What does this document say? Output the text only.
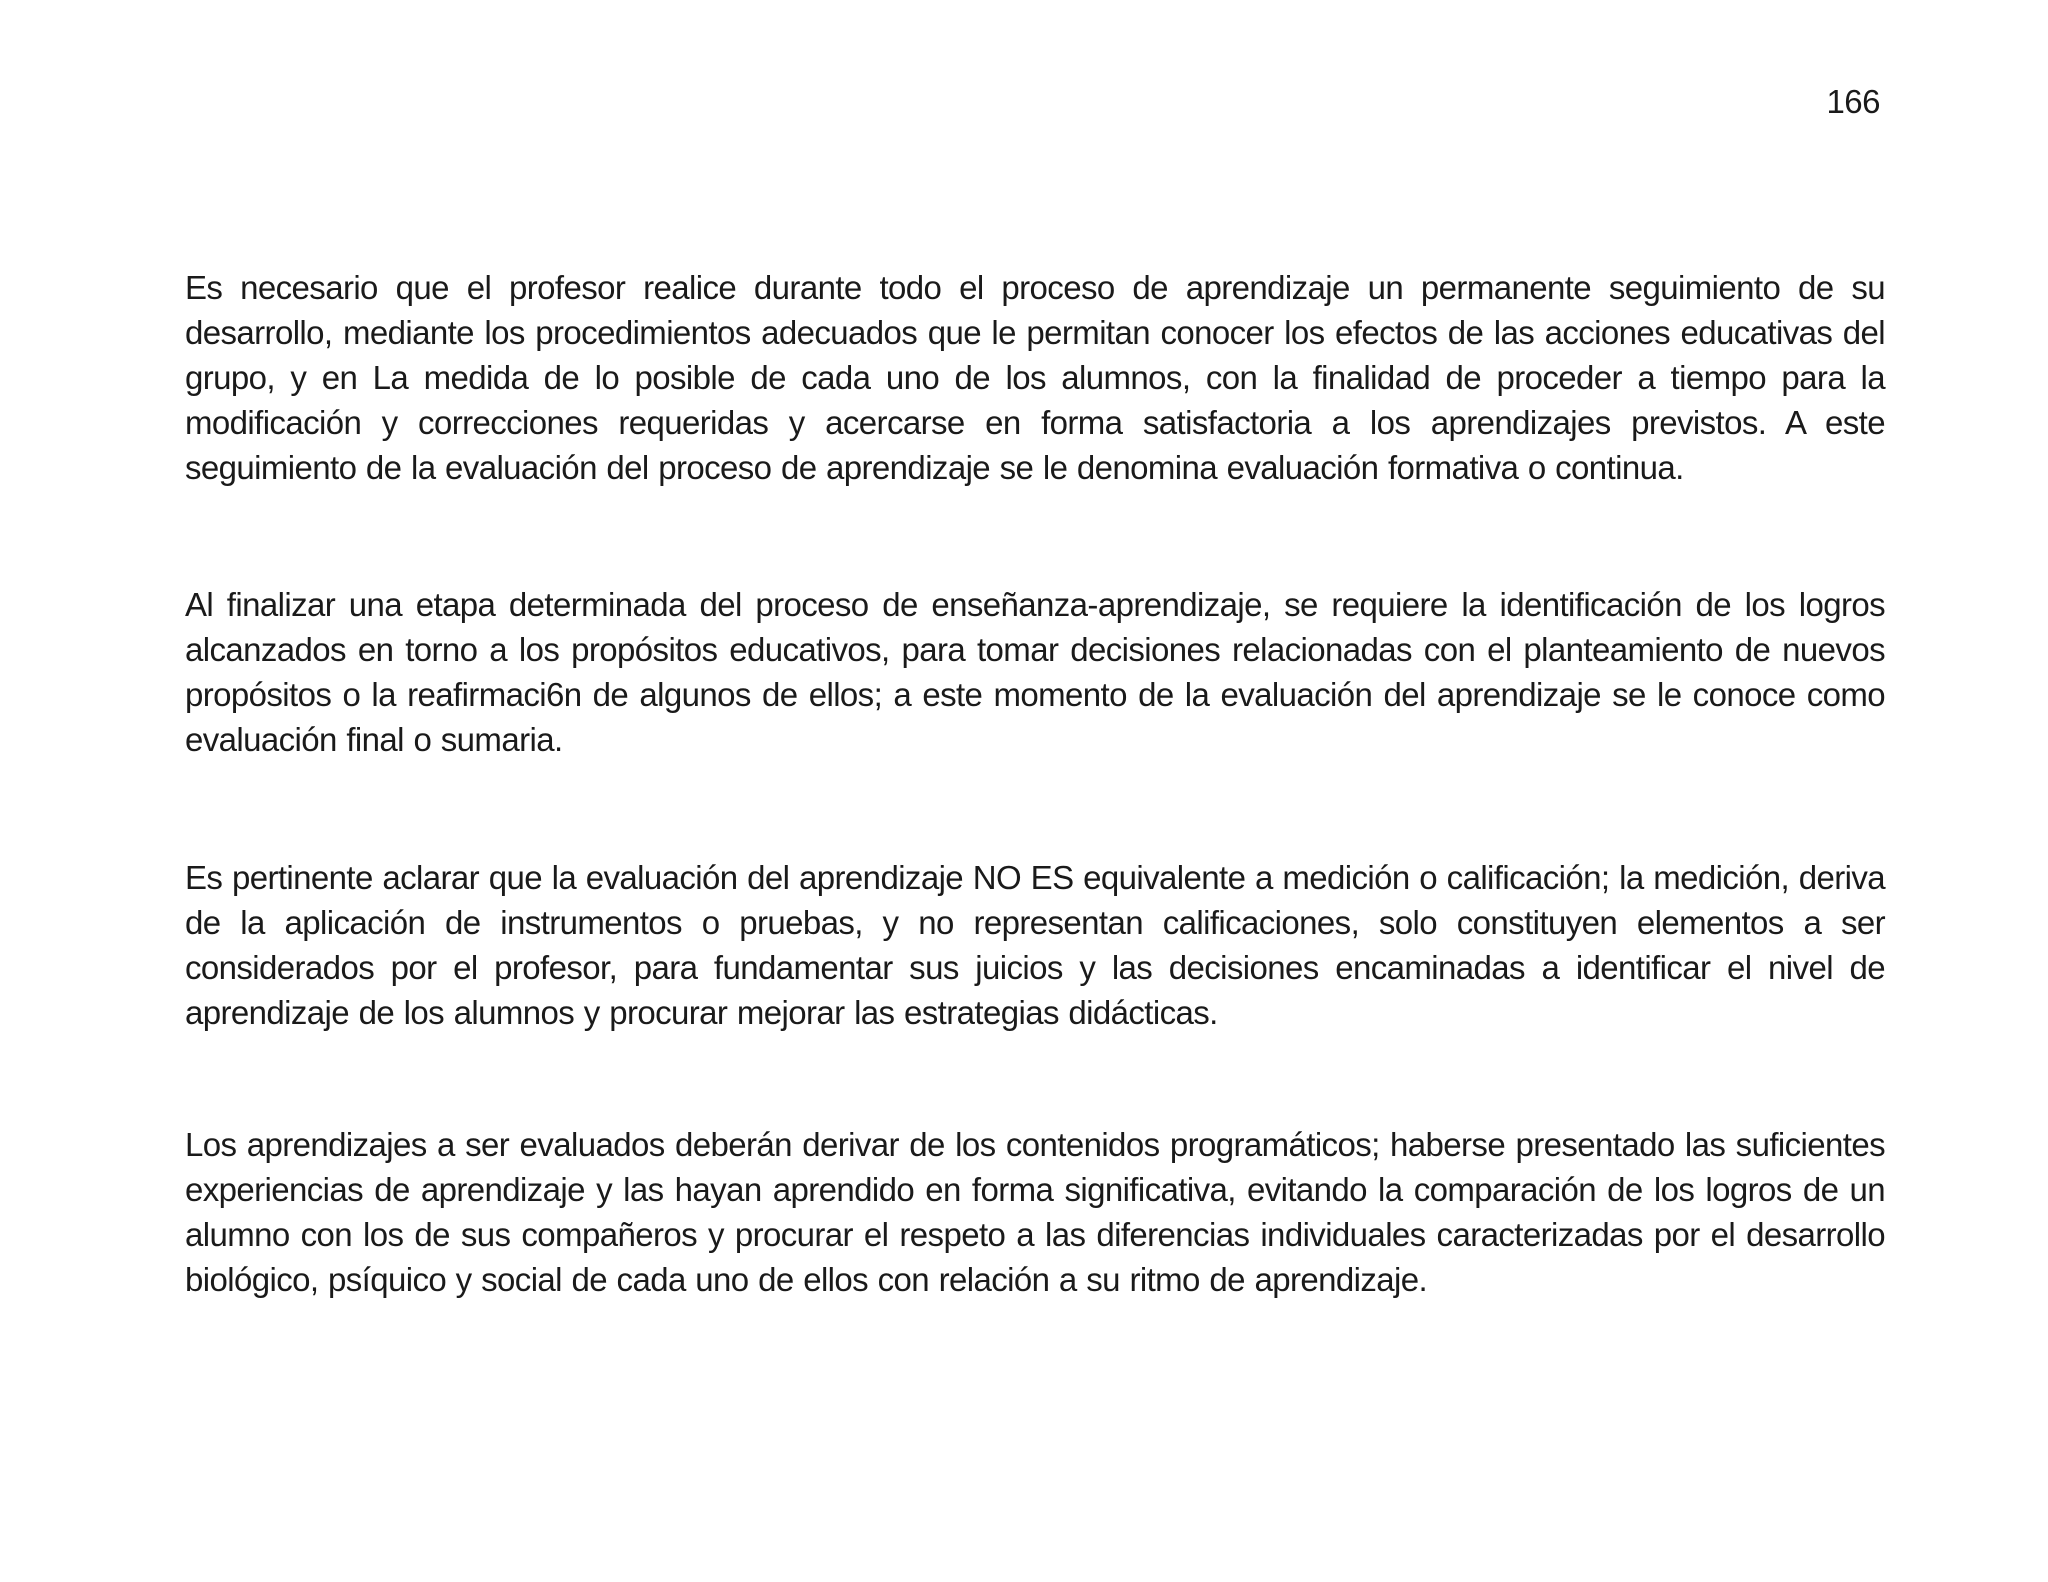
166

Es necesario que el profesor realice durante todo el proceso de aprendizaje un permanente seguimiento de su desarrollo, mediante los procedimientos adecuados que le permitan conocer los efectos de las acciones educativas del grupo, y en La medida de lo posible de cada uno de los alumnos, con la finalidad de proceder a tiempo para la modificación y correcciones requeridas y acercarse en forma satisfactoria a los aprendizajes previstos. A este seguimiento de la evaluación del proceso de aprendizaje se le denomina evaluación formativa o continua.

Al finalizar una etapa determinada del proceso de enseñanza-aprendizaje, se requiere la identificación de los logros alcanzados en torno a los propósitos educativos, para tomar decisiones relacionadas con el planteamiento de nuevos propósitos o la reafirmaci6n de algunos de ellos; a este momento de la evaluación del aprendizaje se le conoce como evaluación final o sumaria.

Es pertinente aclarar que la evaluación del aprendizaje NO ES equivalente a medición o calificación; la medición, deriva de la aplicación de instrumentos o pruebas, y no representan calificaciones, solo constituyen elementos a ser considerados por el profesor, para fundamentar sus juicios y las decisiones encaminadas a identificar el nivel de aprendizaje de los alumnos y procurar mejorar las estrategias didácticas.

Los aprendizajes a ser evaluados deberán derivar de los contenidos programáticos; haberse presentado las suficientes experiencias de aprendizaje y las hayan aprendido en forma significativa, evitando la comparación de los logros de un alumno con los de sus compañeros y procurar el respeto a las diferencias individuales caracterizadas por el desarrollo biológico, psíquico y social de cada uno de ellos con relación a su ritmo de aprendizaje.
